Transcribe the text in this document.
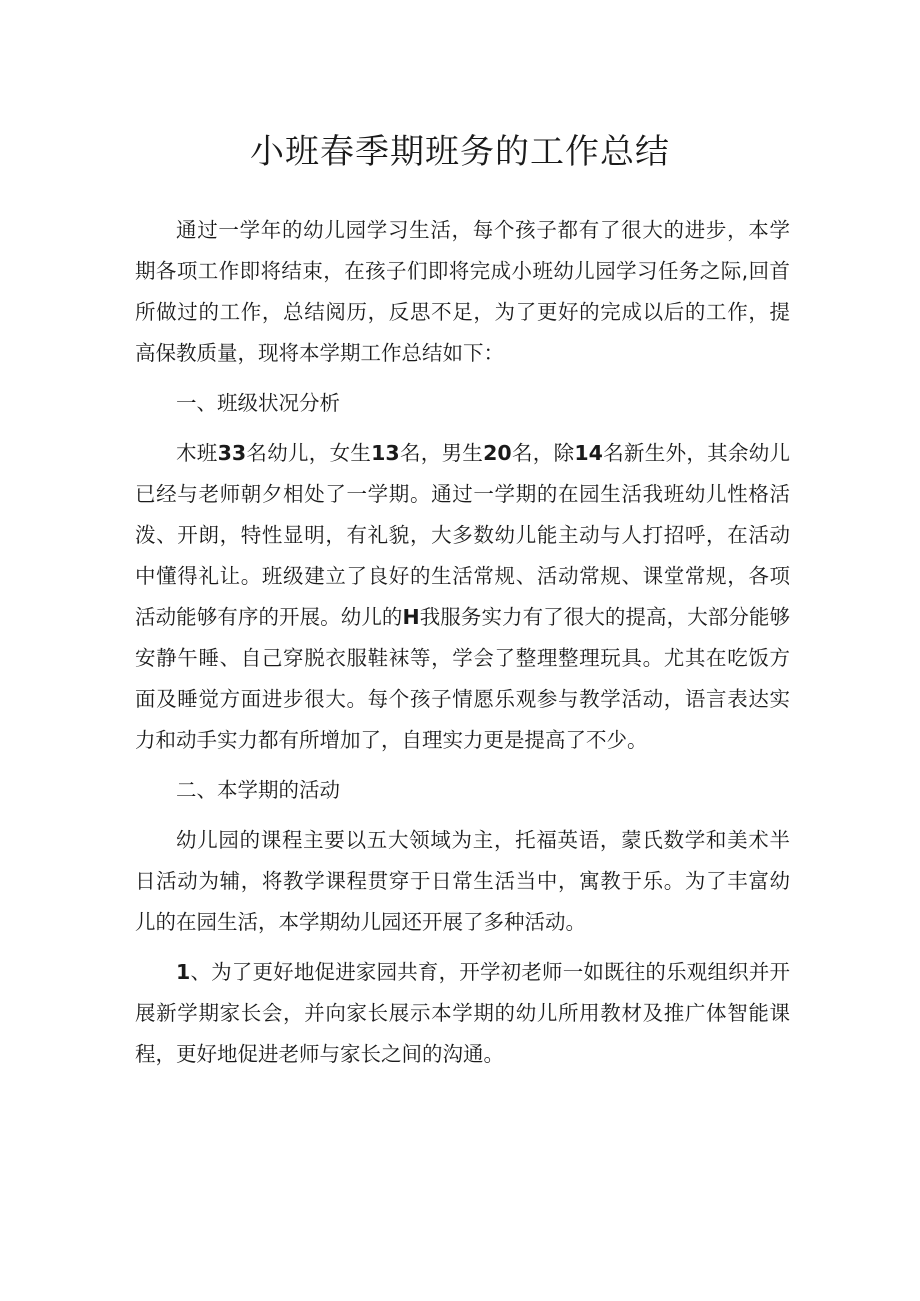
小班春季期班务的工作总结

通过一学年的幼儿园学习生活，每个孩子都有了很大的进步，本学期各项工作即将结束，在孩子们即将完成小班幼儿园学习任务之际,回首所做过的工作，总结阅历，反思不足，为了更好的完成以后的工作，提高保教质量，现将本学期工作总结如下：

一、班级状况分析

木班33名幼儿，女生13名，男生20名，除14名新生外，其余幼儿已经与老师朝夕相处了一学期。通过一学期的在园生活我班幼儿性格活泼、开朗，特性显明，有礼貌，大多数幼儿能主动与人打招呼，在活动中懂得礼让。班级建立了良好的生活常规、活动常规、课堂常规，各项活动能够有序的开展。幼儿的H我服务实力有了很大的提高，大部分能够安静午睡、自己穿脱衣服鞋袜等，学会了整理整理玩具。尤其在吃饭方面及睡觉方面进步很大。每个孩子情愿乐观参与教学活动，语言表达实力和动手实力都有所增加了，自理实力更是提高了不少。

二、本学期的活动

幼儿园的课程主要以五大领域为主，托福英语，蒙氏数学和美术半日活动为辅，将教学课程贯穿于日常生活当中，寓教于乐。为了丰富幼儿的在园生活，本学期幼儿园还开展了多种活动。

1、为了更好地促进家园共育，开学初老师一如既往的乐观组织并开展新学期家长会，并向家长展示本学期的幼儿所用教材及推广体智能课程，更好地促进老师与家长之间的沟通。
